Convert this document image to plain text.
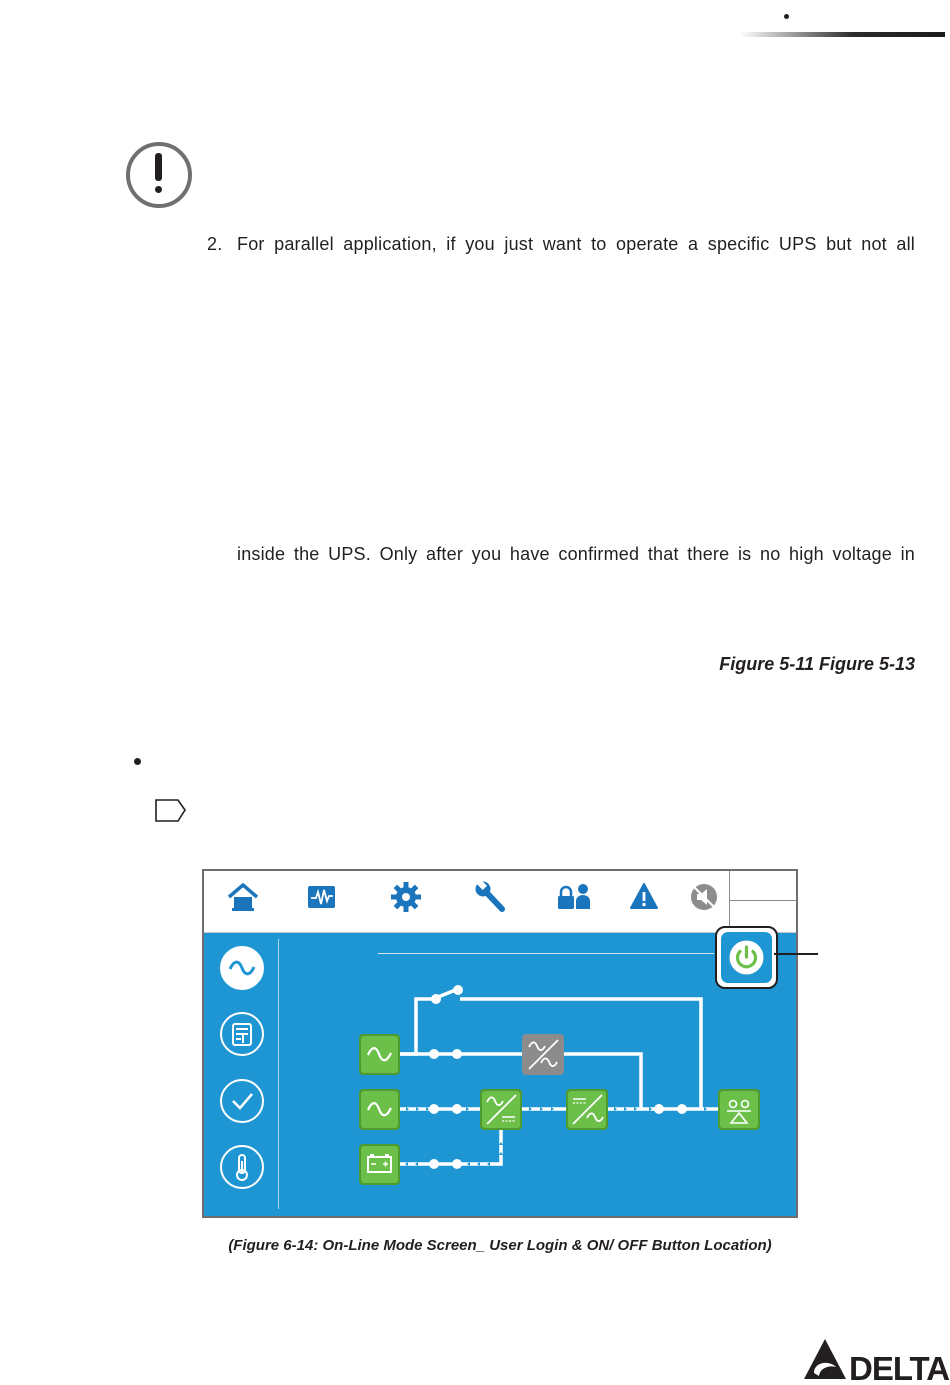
2. For parallel application, if you just want to operate a specific UPS but not all
inside the UPS. Only after you have confirmed that there is no high voltage in
Figure 5-11 Figure 5-13
(Figure 6-14: On-Line Mode Screen_ User Login & ON/ OFF Button Location)
DELTA
